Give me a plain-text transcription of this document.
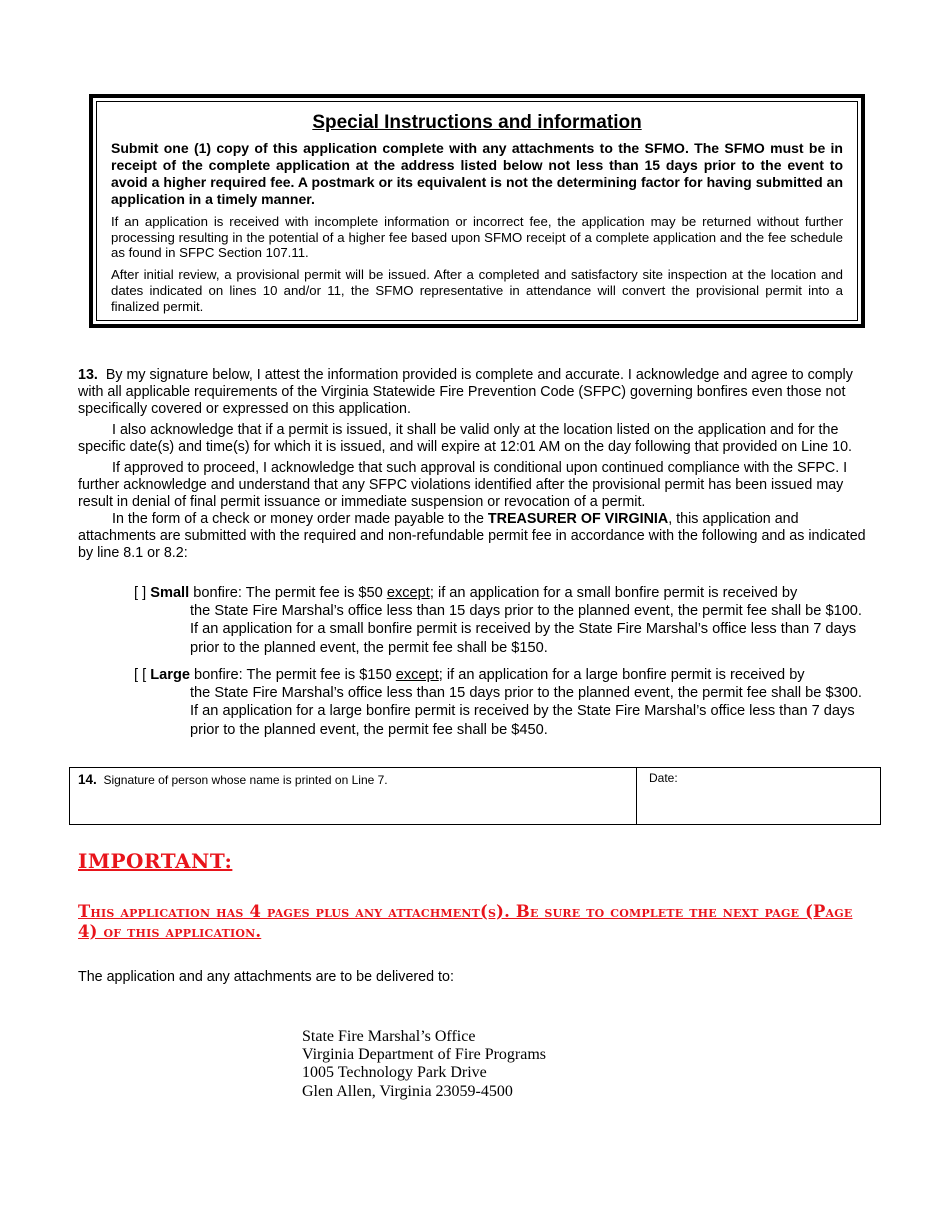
Special Instructions and information

Submit one (1) copy of this application complete with any attachments to the SFMO. The SFMO must be in receipt of the complete application at the address listed below not less than 15 days prior to the event to avoid a higher required fee. A postmark or its equivalent is not the determining factor for having submitted an application in a timely manner.

If an application is received with incomplete information or incorrect fee, the application may be returned without further processing resulting in the potential of a higher fee based upon SFMO receipt of a complete application and the fee schedule as found in SFPC Section 107.11.

After initial review, a provisional permit will be issued. After a completed and satisfactory site inspection at the location and dates indicated on lines 10 and/or 11, the SFMO representative in attendance will convert the provisional permit into a finalized permit.

13. By my signature below, I attest the information provided is complete and accurate. I acknowledge and agree to comply with all applicable requirements of the Virginia Statewide Fire Prevention Code (SFPC) governing bonfires even those not specifically covered or expressed on this application.

I also acknowledge that if a permit is issued, it shall be valid only at the location listed on the application and for the specific date(s) and time(s) for which it is issued, and will expire at 12:01 AM on the day following that provided on Line 10.

If approved to proceed, I acknowledge that such approval is conditional upon continued compliance with the SFPC. I further acknowledge and understand that any SFPC violations identified after the provisional permit has been issued may result in denial of final permit issuance or immediate suspension or revocation of a permit.

In the form of a check or money order made payable to the TREASURER OF VIRGINIA, this application and attachments are submitted with the required and non-refundable permit fee in accordance with the following and as indicated by line 8.1 or 8.2:

[ ] Small bonfire: The permit fee is $50 except; if an application for a small bonfire permit is received by
the State Fire Marshal’s office less than 15 days prior to the planned event, the permit fee shall be $100. If an application for a small bonfire permit is received by the State Fire Marshal’s office less than 7 days prior to the planned event, the permit fee shall be $150.
[ [ Large bonfire: The permit fee is $150 except; if an application for a large bonfire permit is received by
the State Fire Marshal’s office less than 15 days prior to the planned event, the permit fee shall be $300. If an application for a large bonfire permit is received by the State Fire Marshal’s office less than 7 days prior to the planned event, the permit fee shall be $450.
14. Signature of person whose name is printed on Line 7.	Date:
IMPORTANT:
This application has 4 pages plus any attachment(s). Be sure to complete the next page (Page 4) of this application.
The application and any attachments are to be delivered to:
State Fire Marshal’s Office
Virginia Department of Fire Programs
1005 Technology Park Drive
Glen Allen, Virginia 23059-4500
